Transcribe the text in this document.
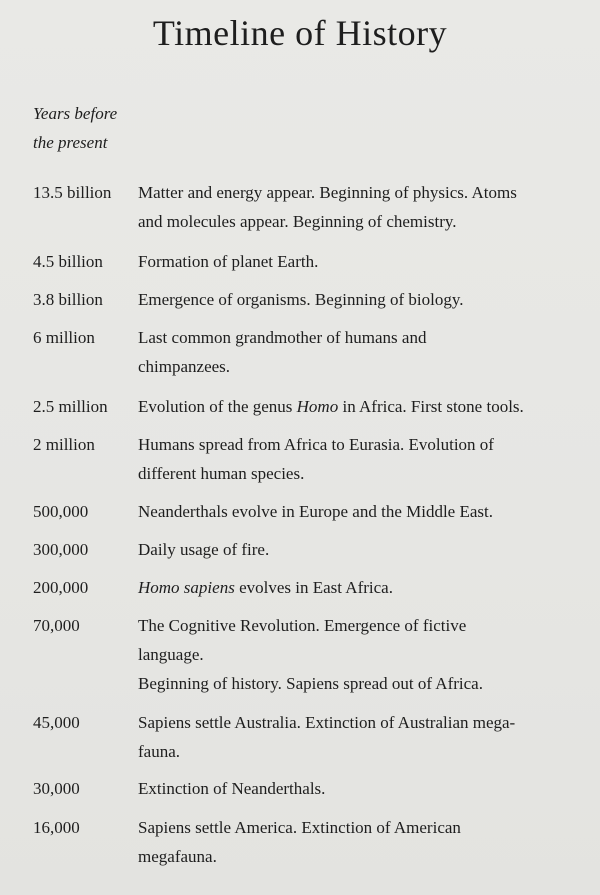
Timeline of History
Years before
the present
13.5 billion	Matter and energy appear. Beginning of physics. Atoms
and molecules appear. Beginning of chemistry.
4.5 billion	Formation of planet Earth.
3.8 billion	Emergence of organisms. Beginning of biology.
6 million	Last common grandmother of humans and
chimpanzees.
2.5 million	Evolution of the genus Homo in Africa. First stone tools.
2 million	Humans spread from Africa to Eurasia. Evolution of
different human species.
500,000	Neanderthals evolve in Europe and the Middle East.
300,000	Daily usage of fire.
200,000	Homo sapiens evolves in East Africa.
70,000	The Cognitive Revolution. Emergence of fictive
language.
Beginning of history. Sapiens spread out of Africa.
45,000	Sapiens settle Australia. Extinction of Australian mega-
fauna.
30,000	Extinction of Neanderthals.
16,000	Sapiens settle America. Extinction of American
megafauna.
